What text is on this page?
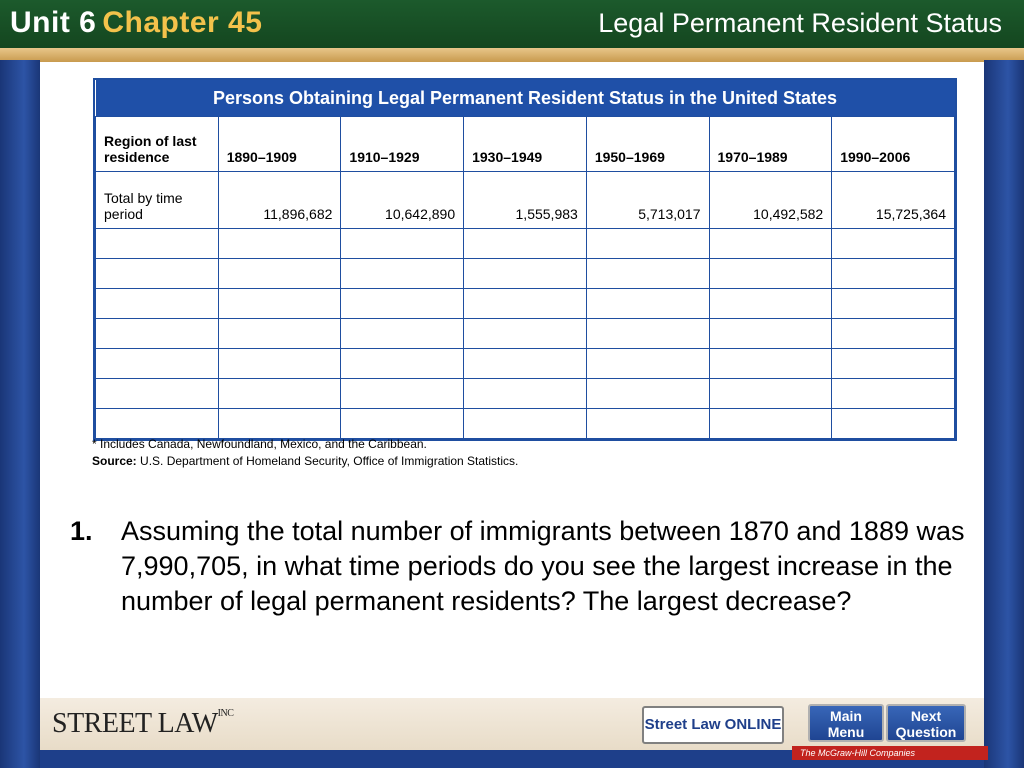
Unit 6 Chapter 45	Legal Permanent Resident Status
Persons Obtaining Legal Permanent Resident Status in the United States						
Region of last residence	1890–1909	1910–1929	1930–1949	1950–1969	1970–1989	1990–2006
Total by time period	11,896,682	10,642,890	1,555,983	5,713,017	10,492,582	15,725,364

* Includes Canada, Newfoundland, Mexico, and the Caribbean.
Source: U.S. Department of Homeland Security, Office of Immigration Statistics.
1. Assuming the total number of immigrants between 1870 and 1889 was 7,990,705, in what time periods do you see the largest increase in the number of legal permanent residents? The largest decrease?
STREET $LAW^{INC}$
Street Law ONLINE	Main Menu
Next Question
The McGraw-Hill Companies
